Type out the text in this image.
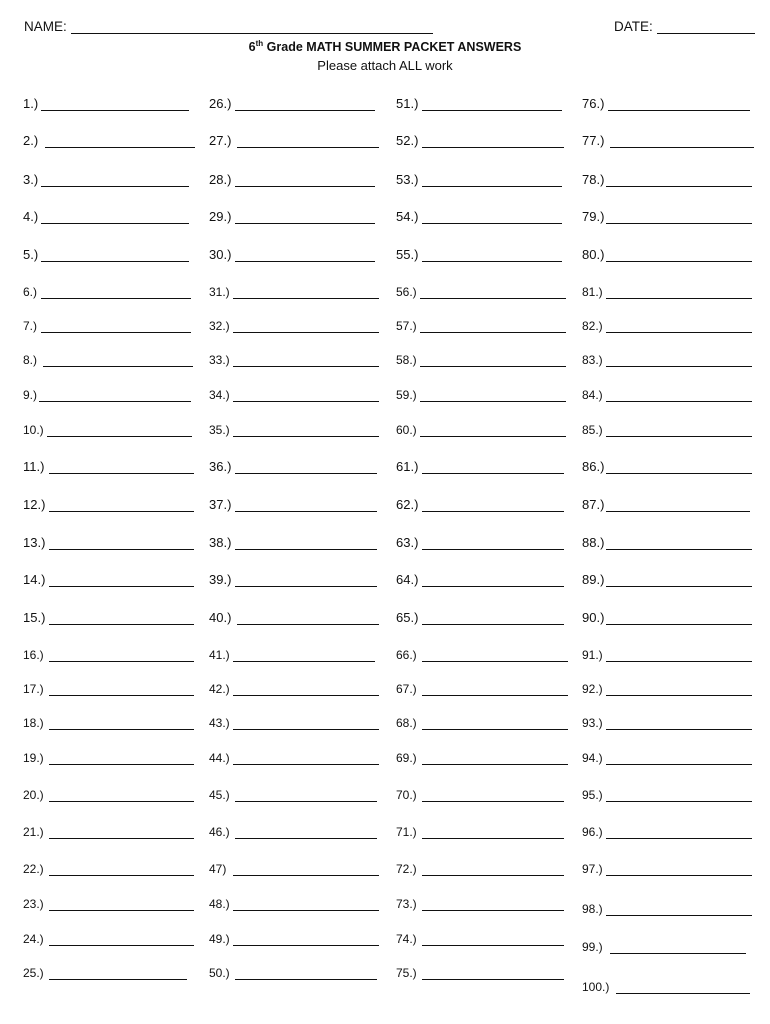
NAME:	DATE:
6th Grade MATH SUMMER PACKET ANSWERS
Please attach ALL work
1.)
2.)
3.)
4.)
5.)
6.)
7.)
8.)
9.)
10.)
11.)
12.)
13.)
14.)
15.)
16.)
17.)
18.)
19.)
20.)
21.)
22.)
23.)
24.)
25.)
26.)
27.)
28.)
29.)
30.)
31.)
32.)
33.)
34.)
35.)
36.)
37.)
38.)
39.)
40.)
41.)
42.)
43.)
44.)
45.)
46.)
47)
48.)
49.)
50.)
51.)
52.)
53.)
54.)
55.)
56.)
57.)
58.)
59.)
60.)
61.)
62.)
63.)
64.)
65.)
66.)
67.)
68.)
69.)
70.)
71.)
72.)
73.)
74.)
75.)
76.)
77.)
78.)
79.)
80.)
81.)
82.)
83.)
84.)
85.)
86.)
87.)
88.)
89.)
90.)
91.)
92.)
93.)
94.)
95.)
96.)
97.)
98.)
99.)
100.)
